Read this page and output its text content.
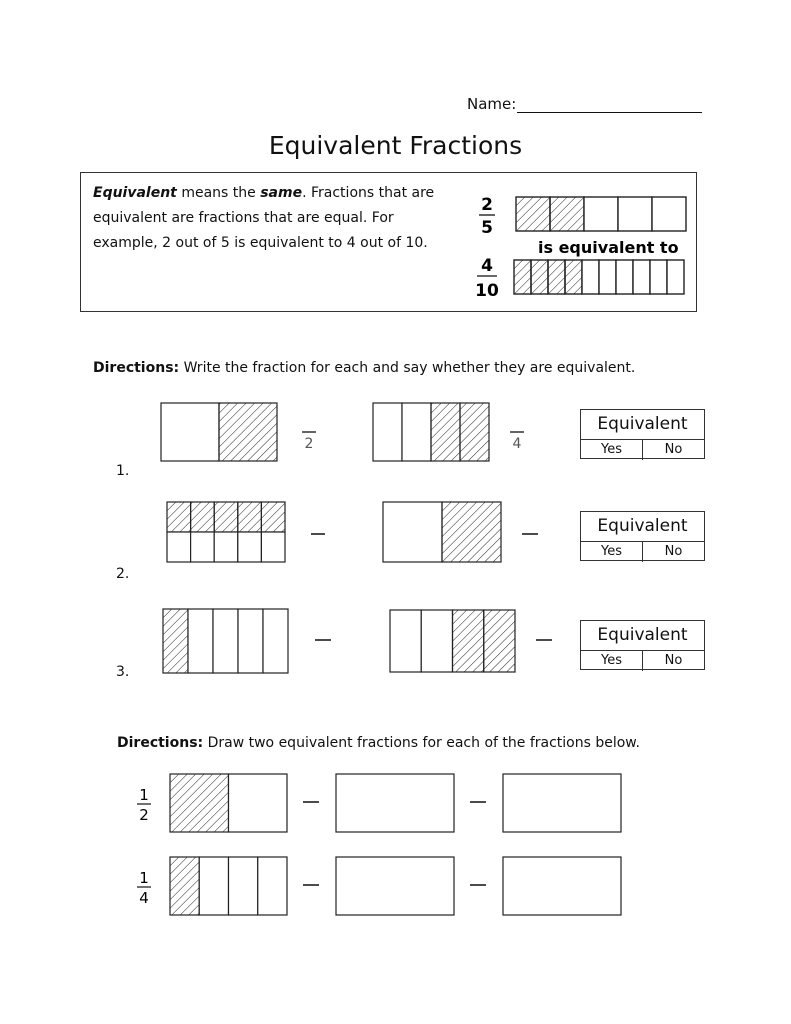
Name:
Equivalent Fractions
Equivalent means the same. Fractions that are equivalent are fractions that are equal. For example, 2 out of 5 is equivalent to 4 out of 10.
2
5
is equivalent to
4
10
Directions: Write the fraction for each and say whether they are equivalent.
2	4
1.
Equivalent
Yes	No
2.
Equivalent
Yes	No
3.
Equivalent
Yes	No
Directions: Draw two equivalent fractions for each of the fractions below.
1
2
1
4
